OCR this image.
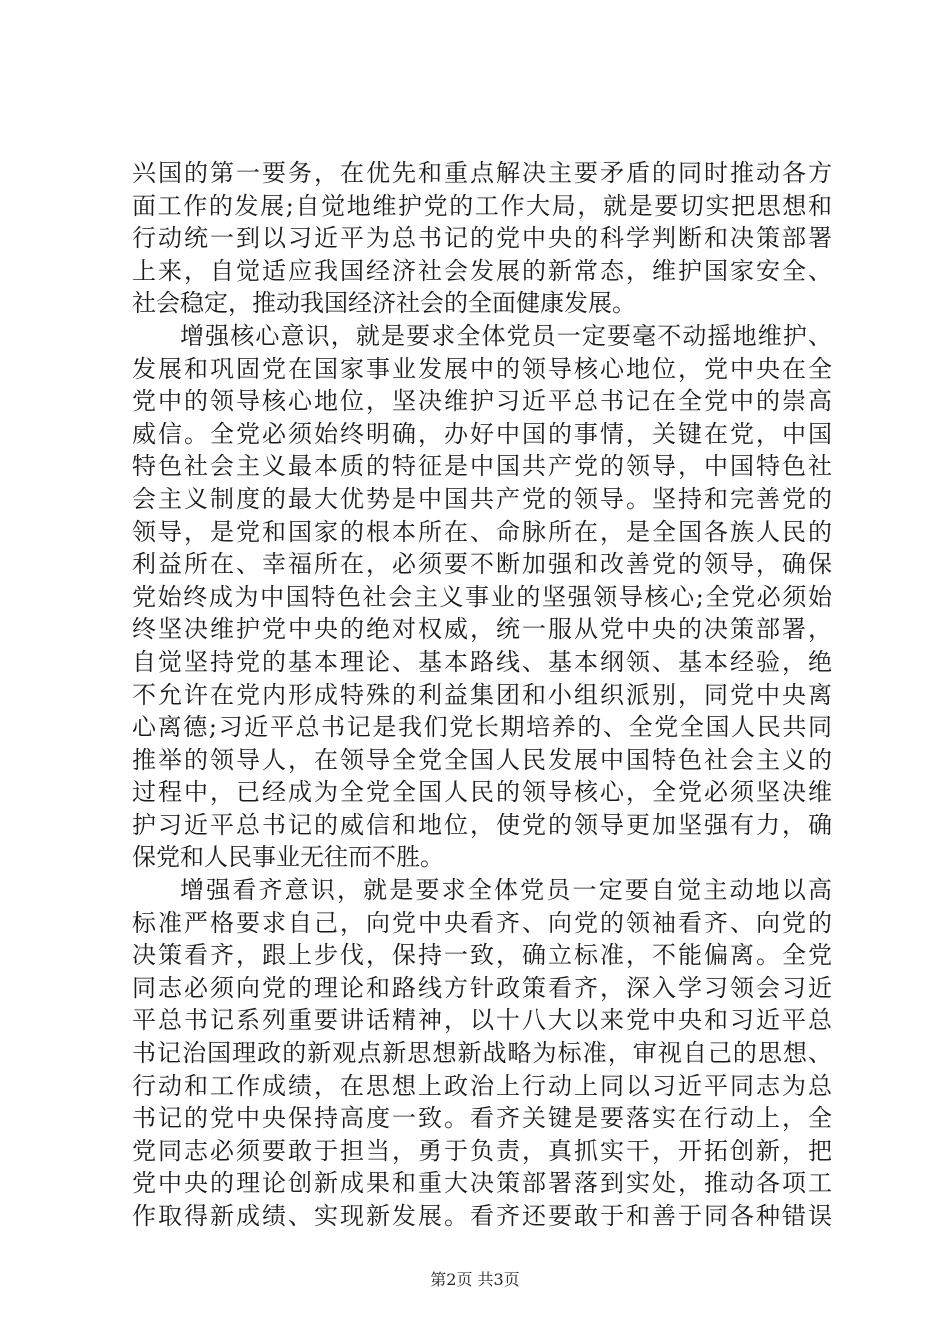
兴国的第一要务，在优先和重点解决主要矛盾的同时推动各方
面工作的发展;自觉地维护党的工作大局，就是要切实把思想和
行动统一到以习近平为总书记的党中央的科学判断和决策部署
上来，自觉适应我国经济社会发展的新常态，维护国家安全、
社会稳定，推动我国经济社会的全面健康发展。
增强核心意识，就是要求全体党员一定要毫不动摇地维护、
发展和巩固党在国家事业发展中的领导核心地位，党中央在全
党中的领导核心地位，坚决维护习近平总书记在全党中的崇高
威信。全党必须始终明确，办好中国的事情，关键在党，中国
特色社会主义最本质的特征是中国共产党的领导，中国特色社
会主义制度的最大优势是中国共产党的领导。坚持和完善党的
领导，是党和国家的根本所在、命脉所在，是全国各族人民的
利益所在、幸福所在，必须要不断加强和改善党的领导，确保
党始终成为中国特色社会主义事业的坚强领导核心;全党必须始
终坚决维护党中央的绝对权威，统一服从党中央的决策部署，
自觉坚持党的基本理论、基本路线、基本纲领、基本经验，绝
不允许在党内形成特殊的利益集团和小组织派别，同党中央离
心离德;习近平总书记是我们党长期培养的、全党全国人民共同
推举的领导人，在领导全党全国人民发展中国特色社会主义的
过程中，已经成为全党全国人民的领导核心，全党必须坚决维
护习近平总书记的威信和地位，使党的领导更加坚强有力，确
保党和人民事业无往而不胜。
增强看齐意识，就是要求全体党员一定要自觉主动地以高
标准严格要求自己，向党中央看齐、向党的领袖看齐、向党的
决策看齐，跟上步伐，保持一致，确立标准，不能偏离。全党
同志必须向党的理论和路线方针政策看齐，深入学习领会习近
平总书记系列重要讲话精神，以十八大以来党中央和习近平总
书记治国理政的新观点新思想新战略为标准，审视自己的思想、
行动和工作成绩，在思想上政治上行动上同以习近平同志为总
书记的党中央保持高度一致。看齐关键是要落实在行动上，全
党同志必须要敢于担当，勇于负责，真抓实干，开拓创新，把
党中央的理论创新成果和重大决策部署落到实处，推动各项工
作取得新成绩、实现新发展。看齐还要敢于和善于同各种错误
第2页 共3页
